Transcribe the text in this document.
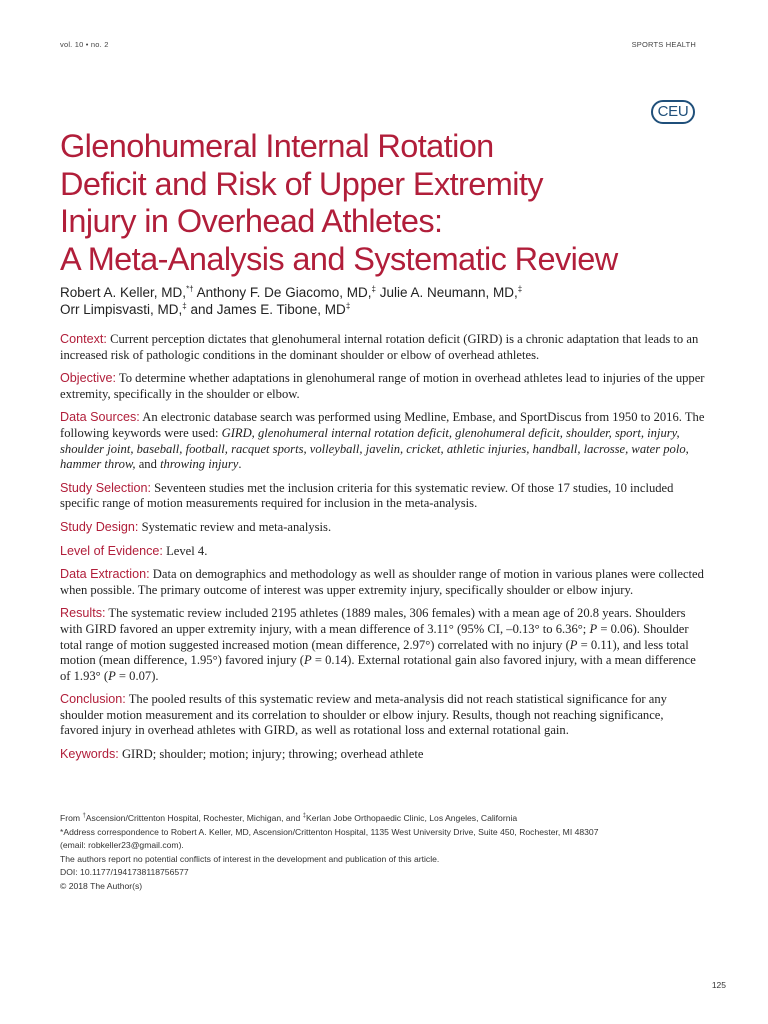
vol. 10 • no. 2	SPORTS HEALTH
CEU
Glenohumeral Internal Rotation
Deficit and Risk of Upper Extremity
Injury in Overhead Athletes:
A Meta-Analysis and Systematic Review
Robert A. Keller, MD,*† Anthony F. De Giacomo, MD,‡ Julie A. Neumann, MD,‡
Orr Limpisvasti, MD,‡ and James E. Tibone, MD‡

Context: Current perception dictates that glenohumeral internal rotation deficit (GIRD) is a chronic adaptation that leads to an increased risk of pathologic conditions in the dominant shoulder or elbow of overhead athletes.

Objective: To determine whether adaptations in glenohumeral range of motion in overhead athletes lead to injuries of the upper extremity, specifically in the shoulder or elbow.

Data Sources: An electronic database search was performed using Medline, Embase, and SportDiscus from 1950 to 2016. The following keywords were used: GIRD, glenohumeral internal rotation deficit, glenohumeral deficit, shoulder, sport, injury, shoulder joint, baseball, football, racquet sports, volleyball, javelin, cricket, athletic injuries, handball, lacrosse, water polo, hammer throw, and throwing injury.

Study Selection: Seventeen studies met the inclusion criteria for this systematic review. Of those 17 studies, 10 included specific range of motion measurements required for inclusion in the meta-analysis.

Study Design: Systematic review and meta-analysis.

Level of Evidence: Level 4.

Data Extraction: Data on demographics and methodology as well as shoulder range of motion in various planes were collected when possible. The primary outcome of interest was upper extremity injury, specifically shoulder or elbow injury.

Results: The systematic review included 2195 athletes (1889 males, 306 females) with a mean age of 20.8 years. Shoulders with GIRD favored an upper extremity injury, with a mean difference of 3.11° (95% CI, –0.13° to 6.36°; P = 0.06). Shoulder total range of motion suggested increased motion (mean difference, 2.97°) correlated with no injury (P = 0.11), and less total motion (mean difference, 1.95°) favored injury (P = 0.14). External rotational gain also favored injury, with a mean difference of 1.93° (P = 0.07).

Conclusion: The pooled results of this systematic review and meta-analysis did not reach statistical significance for any shoulder motion measurement and its correlation to shoulder or elbow injury. Results, though not reaching significance, favored injury in overhead athletes with GIRD, as well as rotational loss and external rotational gain.

Keywords: GIRD; shoulder; motion; injury; throwing; overhead athlete

From †Ascension/Crittenton Hospital, Rochester, Michigan, and ‡Kerlan Jobe Orthopaedic Clinic, Los Angeles, California
*Address correspondence to Robert A. Keller, MD, Ascension/Crittenton Hospital, 1135 West University Drive, Suite 450, Rochester, MI 48307
(email: robkeller23@gmail.com).
The authors report no potential conflicts of interest in the development and publication of this article.
DOI: 10.1177/1941738118756577
© 2018 The Author(s)
125
